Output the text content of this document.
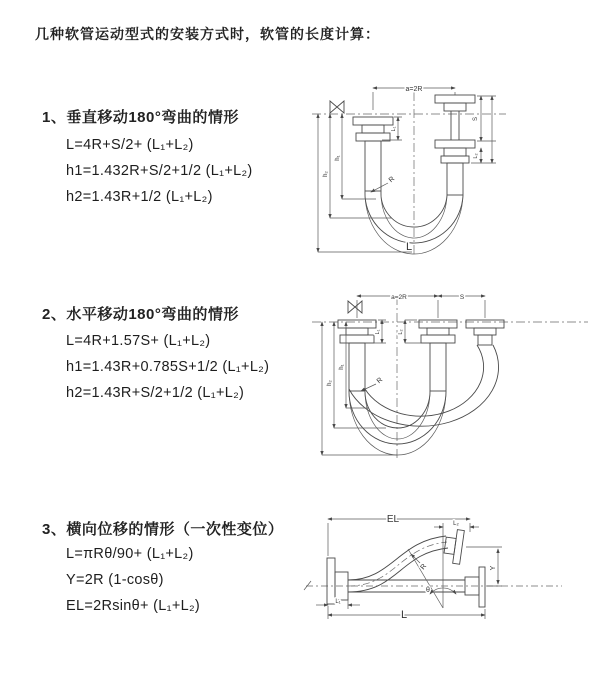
几种软管运动型式的安装方式时，软管的长度计算：
1、垂直移动180°弯曲的情形
L=4R+S/2+ (L₁+L₂)
h1=1.432R+S/2+1/2 (L₁+L₂)
h2=1.43R+1/2 (L₁+L₂)
2、水平移动180°弯曲的情形
L=4R+1.57S+ (L₁+L₂)
h1=1.43R+0.785S+1/2 (L₁+L₂)
h2=1.43R+S/2+1/2 (L₁+L₂)
3、横向位移的情形（一次性变位）
L=πRθ/90+ (L₁+L₂)
Y=2R (1-cosθ)
EL=2Rsinθ+ (L₁+L₂)
a=2R
h₁
h₂
L₁
S
L₂
R
L
a=2R	S
h₁
h₂
L₁	L₂
R
θ
R
EL	L₂
Y
L
L₁
